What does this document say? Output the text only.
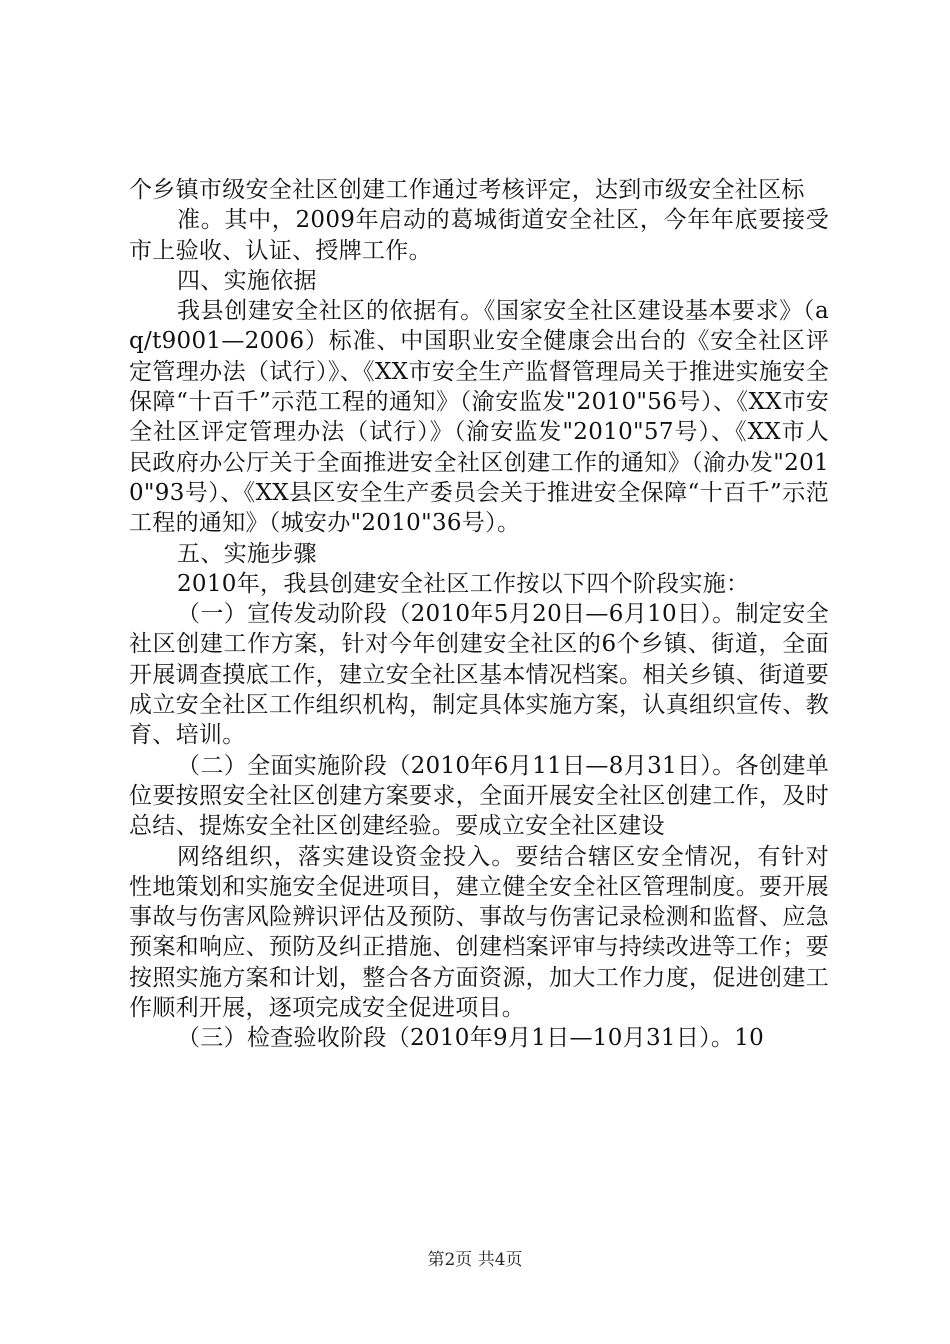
个乡镇市级安全社区创建工作通过考核评定，达到市级安全社区标

准。其中，2009年启动的葛城街道安全社区，今年年底要接受市上验收、认证、授牌工作。

四、实施依据

我县创建安全社区的依据有。《国家安全社区建设基本要求》（aq/t9001—2006）标准、中国职业安全健康会出台的《安全社区评定管理办法（试行）》、《XX市安全生产监督管理局关于推进实施安全保障“十百千”示范工程的通知》（渝安监发"2010"56号）、《XX市安全社区评定管理办法（试行）》（渝安监发"2010"57号）、《XX市人民政府办公厅关于全面推进安全社区创建工作的通知》（渝办发"2010"93号）、《XX县区安全生产委员会关于推进安全保障“十百千”示范工程的通知》（城安办"2010"36号）。

五、实施步骤

2010年，我县创建安全社区工作按以下四个阶段实施：

（一）宣传发动阶段（2010年5月20日—6月10日）。制定安全社区创建工作方案，针对今年创建安全社区的6个乡镇、街道，全面开展调查摸底工作，建立安全社区基本情况档案。相关乡镇、街道要成立安全社区工作组织机构，制定具体实施方案，认真组织宣传、教育、培训。

（二）全面实施阶段（2010年6月11日—8月31日）。各创建单位要按照安全社区创建方案要求，全面开展安全社区创建工作，及时总结、提炼安全社区创建经验。要成立安全社区建设

网络组织，落实建设资金投入。要结合辖区安全情况，有针对性地策划和实施安全促进项目，建立健全安全社区管理制度。要开展事故与伤害风险辨识评估及预防、事故与伤害记录检测和监督、应急预案和响应、预防及纠正措施、创建档案评审与持续改进等工作；要按照实施方案和计划，整合各方面资源，加大工作力度，促进创建工作顺利开展，逐项完成安全促进项目。

（三）检查验收阶段（2010年9月1日—10月31日）。10

第2页 共4页
